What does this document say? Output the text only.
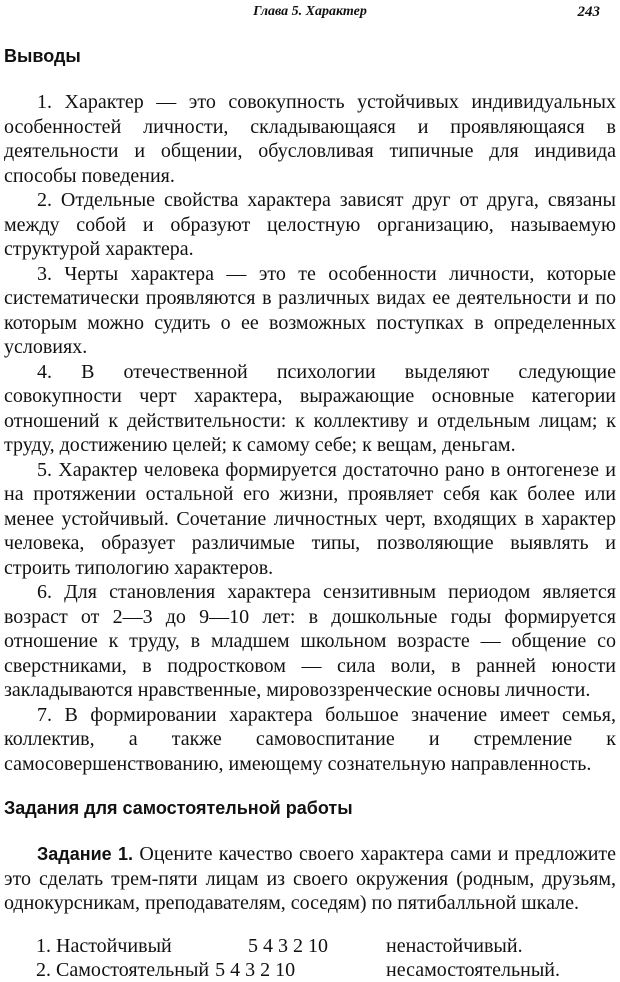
Глава 5. Характер	243
Выводы

1. Характер — это совокупность устойчивых индивидуальных особенностей личности, складывающаяся и проявляющаяся в деятельности и общении, обусловливая типичные для индивида способы поведения.

2. Отдельные свойства характера зависят друг от друга, связаны между собой и образуют целостную организацию, называемую структурой характера.

3. Черты характера — это те особенности личности, которые систематически проявляются в различных видах ее деятельности и по которым можно судить о ее возможных поступках в определенных условиях.

4. В отечественной психологии выделяют следующие совокупности черт характера, выражающие основные категории отношений к действительности: к коллективу и отдельным лицам; к труду, достижению целей; к самому себе; к вещам, деньгам.

5. Характер человека формируется достаточно рано в онтогенезе и на протяжении остальной его жизни, проявляет себя как более или менее устойчивый. Сочетание личностных черт, входящих в характер человека, образует различимые типы, позволяющие выявлять и строить типологию характеров.

6. Для становления характера сензитивным периодом является возраст от 2—3 до 9—10 лет: в дошкольные годы формируется отношение к труду, в младшем школьном возрасте — общение со сверстниками, в подростковом — сила воли, в ранней юности закладываются нравственные, мировоззренческие основы личности.

7. В формировании характера большое значение имеет семья, коллектив, а также самовоспитание и стремление к самосовершенствованию, имеющему сознательную направленность.

Задания для самостоятельной работы

Задание 1. Оцените качество своего характера сами и предложите это сделать трем-пяти лицам из своего окружения (родным, друзьям, однокурсникам, преподавателям, соседям) по пятибалльной шкале.

1. Настойчивый	5 4 3 2 10	ненастойчивый.
2. Самостоятельный 5 4 3 2 10	несамостоятельный.
